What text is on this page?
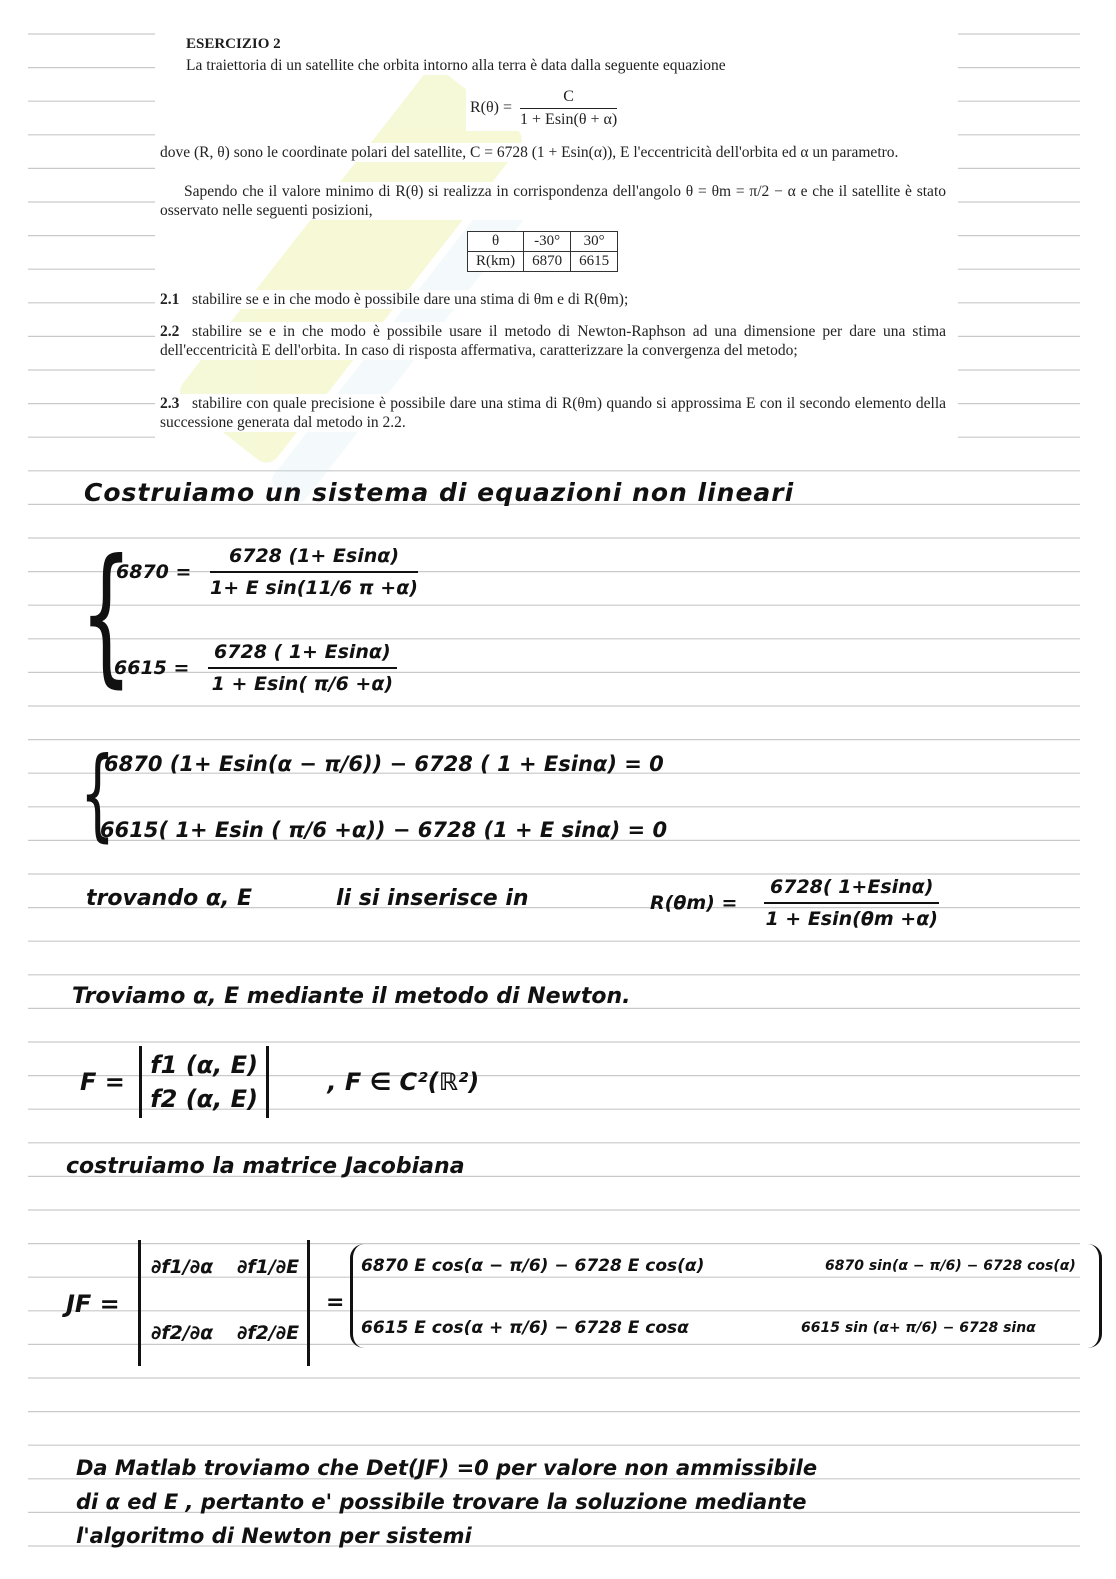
ESERCIZIO 2
La traiettoria di un satellite che orbita intorno alla terra è data dalla seguente equazione
$R(\theta) = \frac{C}{1 + Esin(\theta + \alpha)}$
dove (R, θ) sono le coordinate polari del satellite, C = 6728 (1 + Esin(α)), E l'eccentricità dell'orbita ed α un parametro.
Sapendo che il valore minimo di R(θ) si realizza in corrispondenza dell'angolo θ = θm = π/2 − α e che il satellite è stato osservato nelle seguenti posizioni,
θ	-30°	30°
R(km)	6870	6615
2.1 stabilire se e in che modo è possibile dare una stima di θm e di R(θm);
2.2 stabilire se e in che modo è possibile usare il metodo di Newton-Raphson ad una dimensione per dare una stima dell'eccentricità E dell'orbita. In caso di risposta affermativa, caratterizzare la convergenza del metodo;
2.3 stabilire con quale precisione è possibile dare una stima di R(θm) quando si approssima E con il secondo elemento della successione generata dal metodo in 2.2.
Costruiamo un sistema di equazioni non lineari
{
$6870 = \frac{6728 (1+ Esin\alpha)}{\text{1+ E sin(11/6 π +α)}}$
$6615 = \frac{6728 ( 1+ Esin\alpha)}{1 + Esin( \pi/6 +\alpha)}$
{
6870 (1+ Esin(α − π/6)) − 6728 ( 1 + Esinα) = 0
6615( 1+ Esin ( π/6 +α)) − 6728 (1 + E sinα) = 0
trovando α, E	li si inserisce in	$R(\theta m) = \frac{6728( 1+Esin\alpha)}{1 + Esin(\theta m +\alpha)}$
Troviamo α, E mediante il metodo di Newton.
F =
f1 (α, E)
f2 (α, E)
, F ∈ C²(ℝ²)
costruiamo la matrice Jacobiana
JF =
∂f1/∂α ∂f1/∂E
∂f2/∂α ∂f2/∂E
=
6870 E cos(α − π/6) − 6728 E cos(α)	6870 sin(α − π/6) − 6728 cos(α)
6615 E cos(α + π/6) − 6728 E cosα	6615 sin (α+ π/6) − 6728 sinα
Da Matlab troviamo che Det(JF) =0 per valore non ammissibile
di α ed E , pertanto e' possibile trovare la soluzione mediante
l'algoritmo di Newton per sistemi
